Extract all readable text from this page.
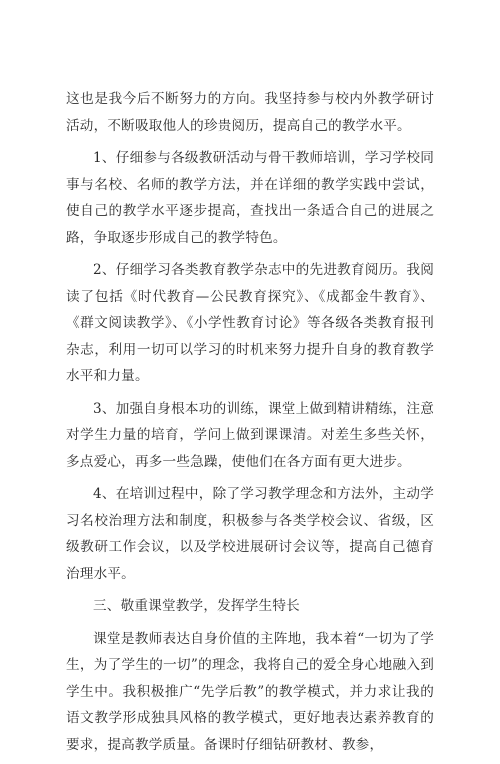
这也是我今后不断努力的方向。我坚持参与校内外教学研讨活动，不断吸取他人的珍贵阅历，提高自己的教学水平。

1、仔细参与各级教研活动与骨干教师培训，学习学校同事与名校、名师的教学方法，并在详细的教学实践中尝试，使自己的教学水平逐步提高，查找出一条适合自己的进展之路，争取逐步形成自己的教学特色。

2、仔细学习各类教育教学杂志中的先进教育阅历。我阅读了包括《时代教育—公民教育探究》、《成都金牛教育》、《群文阅读教学》、《小学性教育讨论》等各级各类教育报刊杂志，利用一切可以学习的时机来努力提升自身的教育教学水平和力量。

3、加强自身根本功的训练，课堂上做到精讲精练，注意对学生力量的培育，学问上做到课课清。对差生多些关怀，多点爱心，再多一些急躁，使他们在各方面有更大进步。

4、在培训过程中，除了学习教学理念和方法外，主动学习名校治理方法和制度，积极参与各类学校会议、省级，区级教研工作会议，以及学校进展研讨会议等，提高自己德育治理水平。

三、敬重课堂教学，发挥学生特长

课堂是教师表达自身价值的主阵地，我本着“一切为了学生，为了学生的一切”的理念，我将自己的爱全身心地融入到学生中。我积极推广“先学后教”的教学模式，并力求让我的语文教学形成独具风格的教学模式，更好地表达素养教育的要求，提高教学质量。备课时仔细钻研教材、教参，
